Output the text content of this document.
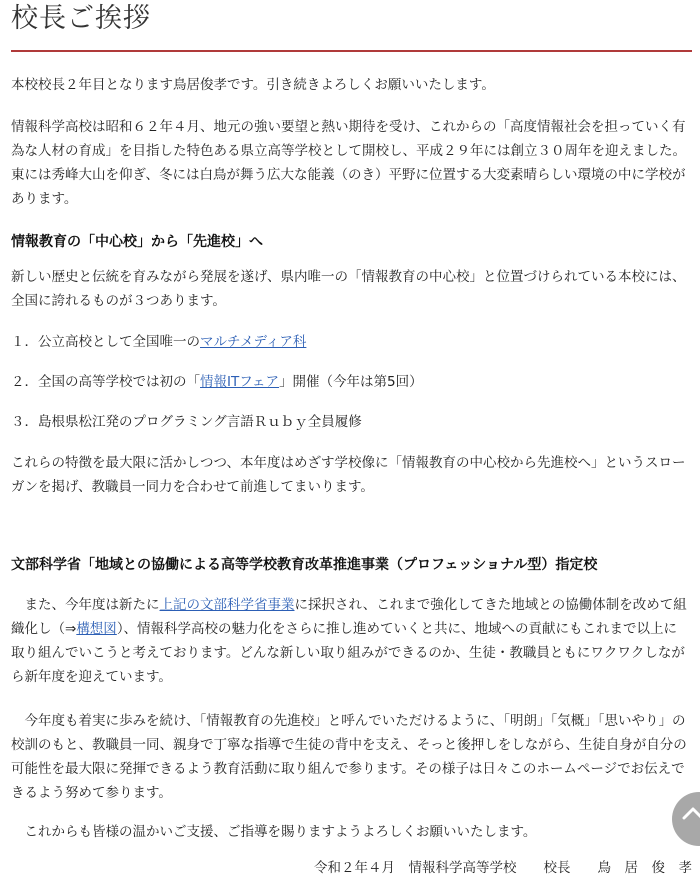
校長ご挨拶

本校校長２年目となります鳥居俊孝です。引き続きよろしくお願いいたします。

情報科学高校は昭和６２年４月、地元の強い要望と熱い期待を受け、これからの「高度情報社会を担っていく有為な人材の育成」を目指した特色ある県立高等学校として開校し、平成２９年には創立３０周年を迎えました。東には秀峰大山を仰ぎ、冬には白鳥が舞う広大な能義（のき）平野に位置する大変素晴らしい環境の中に学校があります。

情報教育の「中心校」から「先進校」へ

新しい歴史と伝統を育みながら発展を遂げ、県内唯一の「情報教育の中心校」と位置づけられている本校には、全国に誇れるものが３つあります。

１．公立高校として全国唯一のマルチメディア科

２．全国の高等学校では初の「情報ITフェア」開催（今年は第5回）

３．島根県松江発のプログラミング言語Ｒｕｂｙ全員履修

これらの特徴を最大限に活かしつつ、本年度はめざす学校像に「情報教育の中心校から先進校へ」というスローガンを掲げ、教職員一同力を合わせて前進してまいります。

文部科学省「地域との協働による高等学校教育改革推進事業（プロフェッショナル型）指定校

また、今年度は新たに上記の文部科学省事業に採択され、これまで強化してきた地域との協働体制を改めて組織化し（⇒構想図）、情報科学高校の魅力化をさらに推し進めていくと共に、地域への貢献にもこれまで以上に取り組んでいこうと考えております。どんな新しい取り組みができるのか、生徒・教職員ともにワクワクしながら新年度を迎えています。

今年度も着実に歩みを続け、「情報教育の先進校」と呼んでいただけるように、「明朗」「気概」「思いやり」の校訓のもと、教職員一同、親身で丁寧な指導で生徒の背中を支え、そっと後押しをしながら、生徒自身が自分の可能性を最大限に発揮できるよう教育活動に取り組んで参ります。その様子は日々このホームページでお伝えできるよう努めて参ります。

これからも皆様の温かいご支援、ご指導を賜りますようよろしくお願いいたします。

令和２年４月　情報科学高等学校　　校長　　鳥　居　俊　孝
